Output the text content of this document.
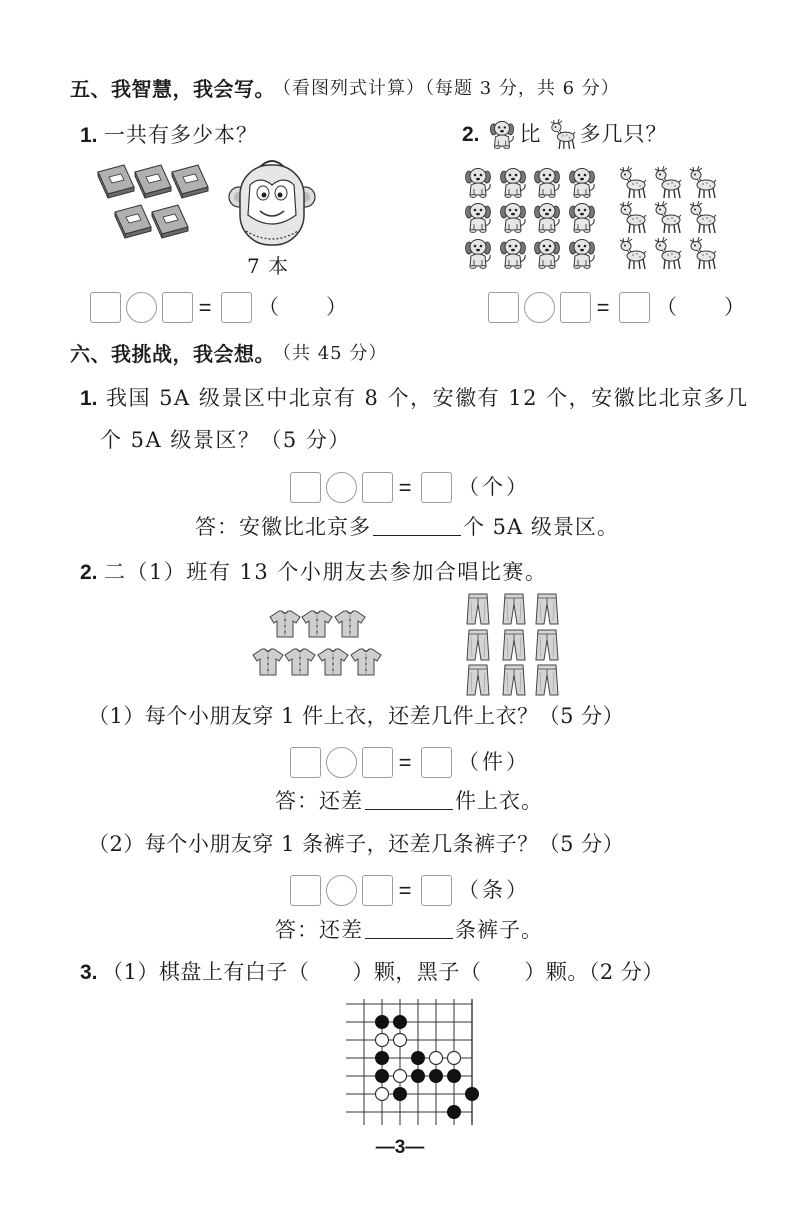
五、我智慧，我会写。
（看图列式计算）（每题 3 分，共 6 分）
1. 一共有多少本？
7 本
= （ ）
2. 比 多几只？
= （ ）
六、我挑战，我会想。
（共 45 分）
1. 我国 5A 级景区中北京有 8 个，安徽有 12 个，安徽比北京多几
个 5A 级景区？（5 分）
= （个）
答：安徽比北京多	个 5A 级景区。
2. 二（1）班有 13 个小朋友去参加合唱比赛。
（1）每个小朋友穿 1 件上衣，还差几件上衣？（5 分）
= （件）
答：还差	件上衣。
（2）每个小朋友穿 1 条裤子，还差几条裤子？（5 分）
= （条）
答：还差	条裤子。
3. （1）棋盘上有白子（　　）颗，黑子（　　）颗。（2 分）
—3—
